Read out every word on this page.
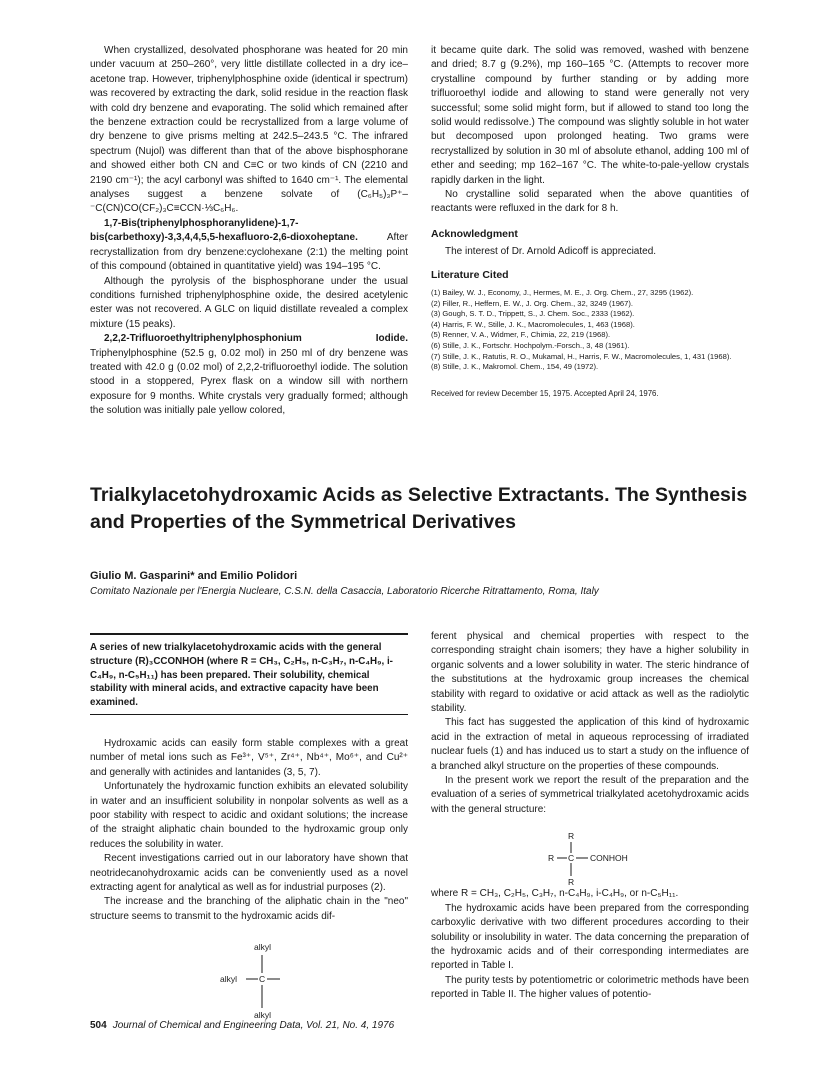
When crystallized, desolvated phosphorane was heated for 20 min under vacuum at 250–260°, very little distillate collected in a dry ice–acetone trap. However, triphenylphosphine oxide (identical ir spectrum) was recovered by extracting the dark, solid residue in the reaction flask with cold dry benzene and evaporating. The solid which remained after the benzene extraction could be recrystallized from a large volume of dry benzene to give prisms melting at 242.5–243.5 °C. The infrared spectrum (Nujol) was different than that of the above bisphosphorane and showed either both CN and C≡C or two kinds of CN (2210 and 2190 cm⁻¹); the acyl carbonyl was shifted to 1640 cm⁻¹. The elemental analyses suggest a benzene solvate of (C₆H₅)₃P⁺–⁻C(CN)CO(CF₂)₃C≡CCN·⅓C₆H₆.

1,7-Bis(triphenylphosphoranylidene)-1,7-bis(carbethoxy)-3,3,4,4,5,5-hexafluoro-2,6-dioxoheptane. After recrystallization from dry benzene:cyclohexane (2:1) the melting point of this compound (obtained in quantitative yield) was 194–195 °C.

Although the pyrolysis of the bisphosphorane under the usual conditions furnished triphenylphosphine oxide, the desired acetylenic ester was not recovered. A GLC on liquid distillate revealed a complex mixture (15 peaks).

2,2,2-Trifluoroethyltriphenylphosphonium Iodide. Triphenylphosphine (52.5 g, 0.02 mol) in 250 ml of dry benzene was treated with 42.0 g (0.02 mol) of 2,2,2-trifluoroethyl iodide. The solution stood in a stoppered, Pyrex flask on a window sill with northern exposure for 9 months. White crystals very gradually formed; although the solution was initially pale yellow colored,

it became quite dark. The solid was removed, washed with benzene and dried; 8.7 g (9.2%), mp 160–165 °C. (Attempts to recover more crystalline compound by further standing or by adding more trifluoroethyl iodide and allowing to stand were generally not very successful; some solid might form, but if allowed to stand too long the solid would redissolve.) The compound was slightly soluble in hot water but decomposed upon prolonged heating. Two grams were recrystallized by solution in 30 ml of absolute ethanol, adding 100 ml of ether and seeding; mp 162–167 °C. The white-to-pale-yellow crystals rapidly darken in the light.

No crystalline solid separated when the above quantities of reactants were refluxed in the dark for 8 h.

Acknowledgment

The interest of Dr. Arnold Adicoff is appreciated.

Literature Cited

(1) Bailey, W. J., Economy, J., Hermes, M. E., J. Org. Chem., 27, 3295 (1962).
(2) Filler, R., Heffern, E. W., J. Org. Chem., 32, 3249 (1967).
(3) Gough, S. T. D., Trippett, S., J. Chem. Soc., 2333 (1962).
(4) Harris, F. W., Stille, J. K., Macromolecules, 1, 463 (1968).
(5) Renner, V. A., Widmer, F., Chimia, 22, 219 (1968).
(6) Stille, J. K., Fortschr. Hochpolym.-Forsch., 3, 48 (1961).
(7) Stille, J. K., Ratutis, R. O., Mukamal, H., Harris, F. W., Macromolecules, 1, 431 (1968).
(8) Stille, J. K., Makromol. Chem., 154, 49 (1972).

Received for review December 15, 1975. Accepted April 24, 1976.

Trialkylacetohydroxamic Acids as Selective Extractants. The Synthesis and Properties of the Symmetrical Derivatives
Giulio M. Gasparini* and Emilio Polidori
Comitato Nazionale per l'Energia Nucleare, C.S.N. della Casaccia, Laboratorio Ricerche Ritrattamento, Roma, Italy

A series of new trialkylacetohydroxamic acids with the general structure (R)₃CCONHOH (where R = CH₃, C₂H₅, n-C₃H₇, n-C₄H₉, i-C₄H₉, n-C₅H₁₁) has been prepared. Their solubility, chemical stability with mineral acids, and extractive capacity have been examined.

Hydroxamic acids can easily form stable complexes with a great number of metal ions such as Fe³⁺, V⁵⁺, Zr⁴⁺, Nb⁴⁺, Mo⁶⁺, and Cu²⁺ and generally with actinides and lantanides (3, 5, 7).

Unfortunately the hydroxamic function exhibits an elevated solubility in water and an insufficient solubility in nonpolar solvents as well as a poor stability with respect to acidic and oxidant solutions; the increase of the straight aliphatic chain bounded to the hydroxamic group only reduces the solubility in water.

Recent investigations carried out in our laboratory have shown that neotridecanohydroxamic acids can be conveniently used as a novel extracting agent for analytical as well as for industrial purposes (2).

The increase and the branching of the aliphatic chain in the "neo" structure seems to transmit to the hydroxamic acids dif-

alkyl
alkyl	C
alkyl

ferent physical and chemical properties with respect to the corresponding straight chain isomers; they have a higher solubility in organic solvents and a lower solubility in water. The steric hindrance of the substitutions at the hydroxamic group increases the chemical stability with regard to oxidative or acid attack as well as the radiolytic stability.

This fact has suggested the application of this kind of hydroxamic acid in the extraction of metal in aqueous reprocessing of irradiated nuclear fuels (1) and has induced us to start a study on the influence of a branched alkyl structure on the properties of these compounds.

In the present work we report the result of the preparation and the evaluation of a series of symmetrical trialkylated acetohydroxamic acids with the general structure:

where R = CH₃, C₂H₅, C₃H₇, n-C₄H₉, i-C₄H₉, or n-C₅H₁₁.

The hydroxamic acids have been prepared from the corresponding carboxylic derivative with two different procedures according to their solubility or insolubility in water. The data concerning the preparation of the hydroxamic acids and of their corresponding intermediates are reported in Table I.

The purity tests by potentiometric or colorimetric methods have been reported in Table II. The higher values of potentio-

R
R C CONHOH
R
504 Journal of Chemical and Engineering Data, Vol. 21, No. 4, 1976
